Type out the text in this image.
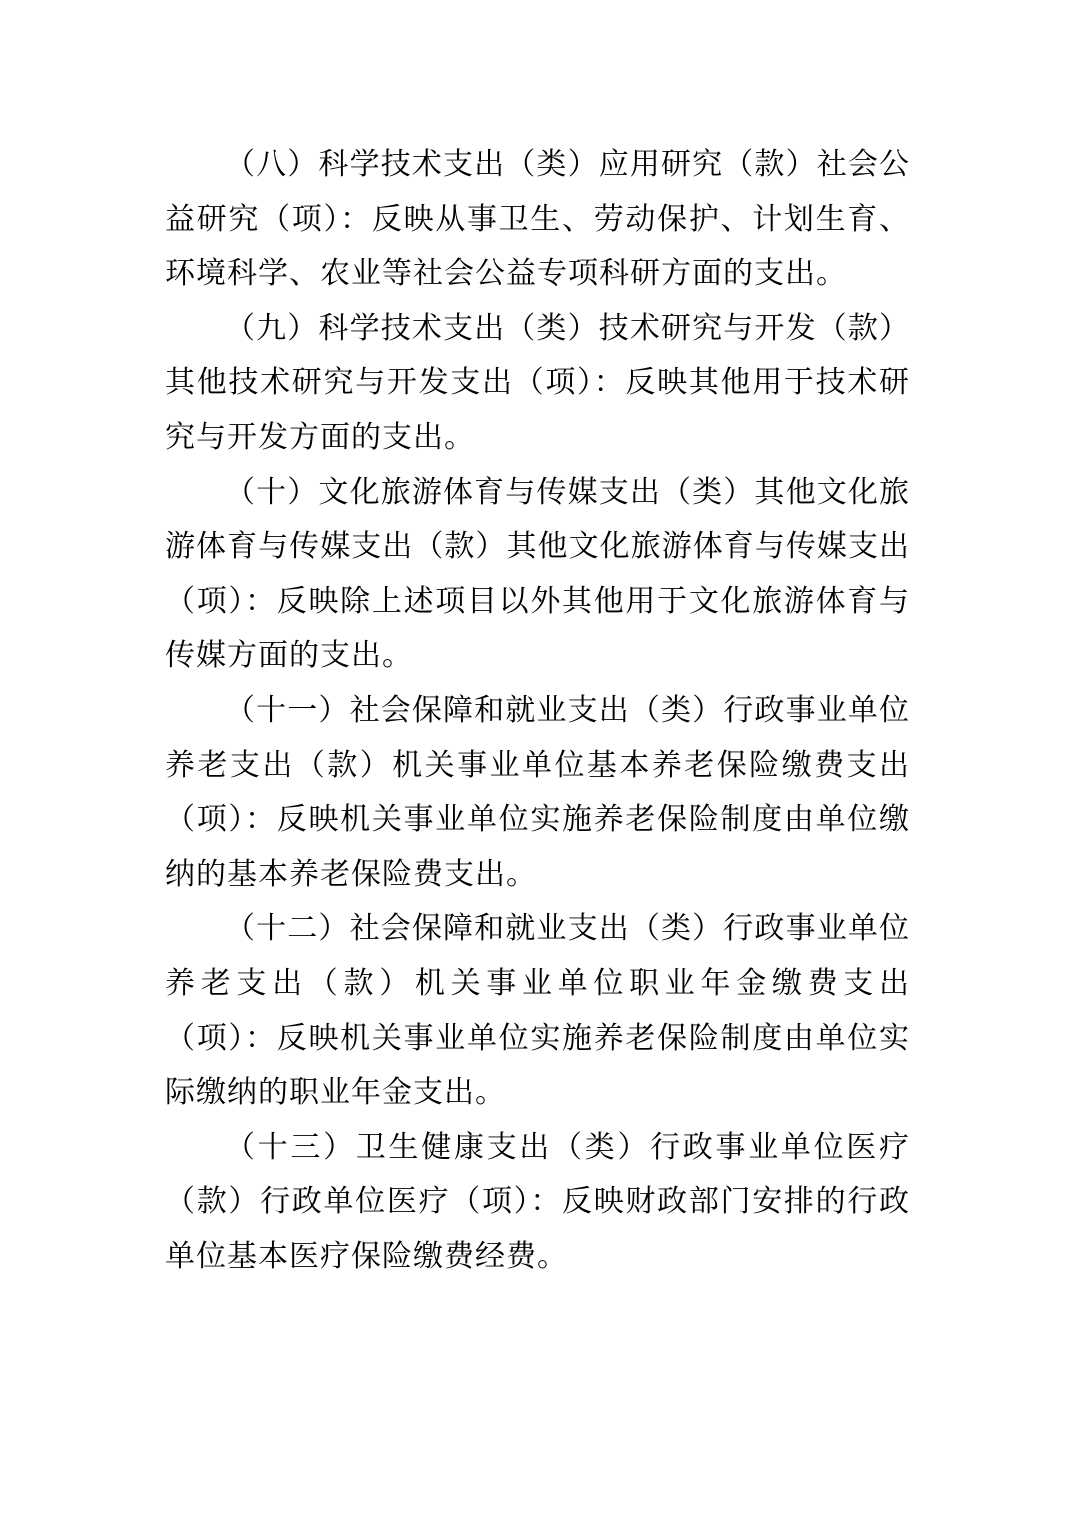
（八）科学技术支出（类）应用研究（款）社会公益研究（项）：反映从事卫生、劳动保护、计划生育、环境科学、农业等社会公益专项科研方面的支出。

（九）科学技术支出（类）技术研究与开发（款）其他技术研究与开发支出（项）：反映其他用于技术研究与开发方面的支出。

（十）文化旅游体育与传媒支出（类）其他文化旅游体育与传媒支出（款）其他文化旅游体育与传媒支出（项）：反映除上述项目以外其他用于文化旅游体育与传媒方面的支出。

（十一）社会保障和就业支出（类）行政事业单位养老支出（款）机关事业单位基本养老保险缴费支出（项）：反映机关事业单位实施养老保险制度由单位缴纳的基本养老保险费支出。

（十二）社会保障和就业支出（类）行政事业单位养老支出（款）机关事业单位职业年金缴费支出（项）：反映机关事业单位实施养老保险制度由单位实际缴纳的职业年金支出。

（十三）卫生健康支出（类）行政事业单位医疗（款）行政单位医疗（项）：反映财政部门安排的行政单位基本医疗保险缴费经费。
